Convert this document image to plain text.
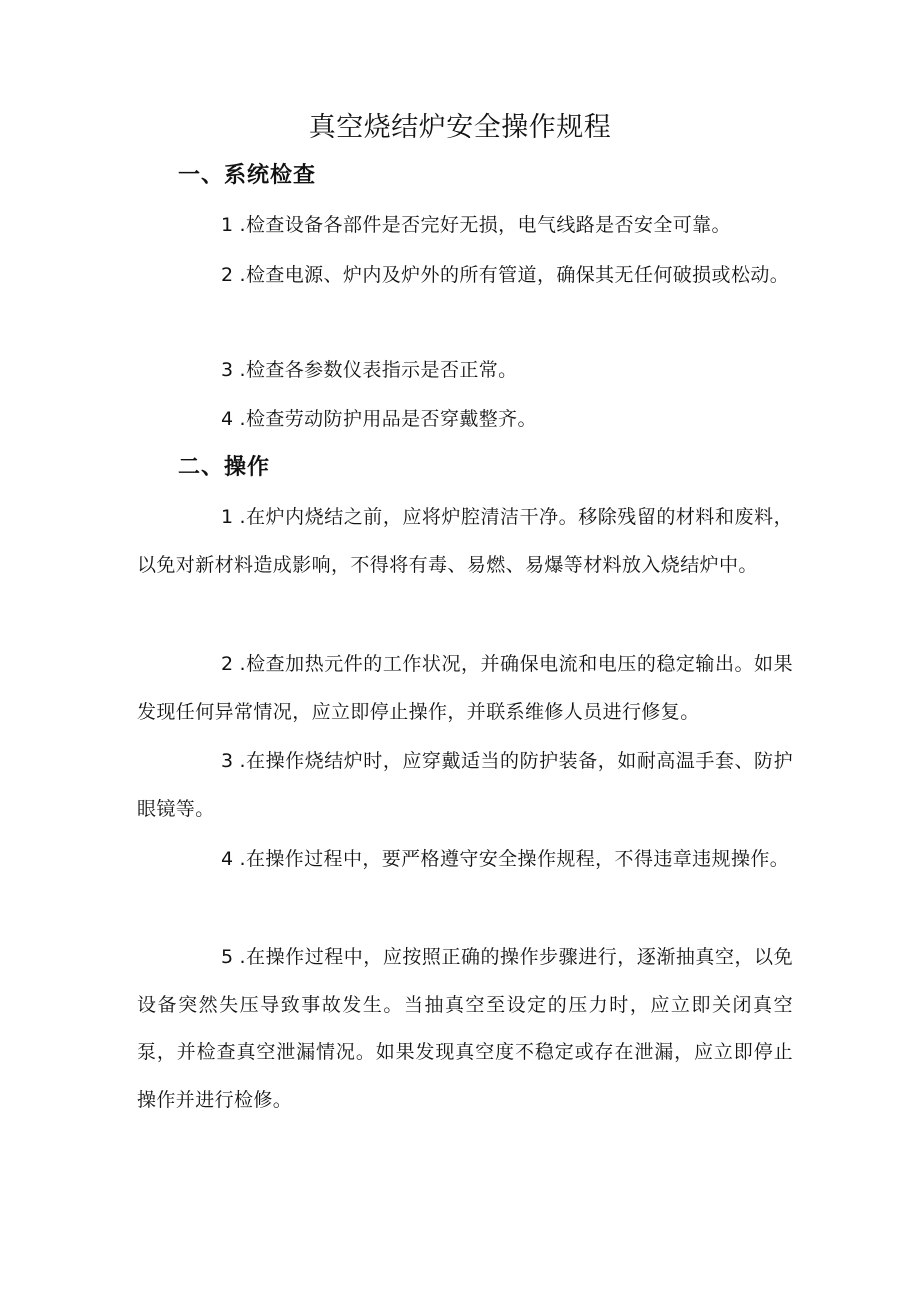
真空烧结炉安全操作规程
一、系统检查

1 .检查设备各部件是否完好无损，电气线路是否安全可靠。

2 .检查电源、炉内及炉外的所有管道，确保其无任何破损或松动。

3 .检查各参数仪表指示是否正常。

4 .检查劳动防护用品是否穿戴整齐。

二、操作

1 .在炉内烧结之前，应将炉腔清洁干净。移除残留的材料和废料，以免对新材料造成影响，不得将有毒、易燃、易爆等材料放入烧结炉中。

2 .检查加热元件的工作状况，并确保电流和电压的稳定输出。如果发现任何异常情况，应立即停止操作，并联系维修人员进行修复。

3 .在操作烧结炉时，应穿戴适当的防护装备，如耐高温手套、防护眼镜等。

4 .在操作过程中，要严格遵守安全操作规程，不得违章违规操作。

5 .在操作过程中，应按照正确的操作步骤进行，逐渐抽真空，以免设备突然失压导致事故发生。当抽真空至设定的压力时，应立即关闭真空泵，并检查真空泄漏情况。如果发现真空度不稳定或存在泄漏，应立即停止操作并进行检修。
